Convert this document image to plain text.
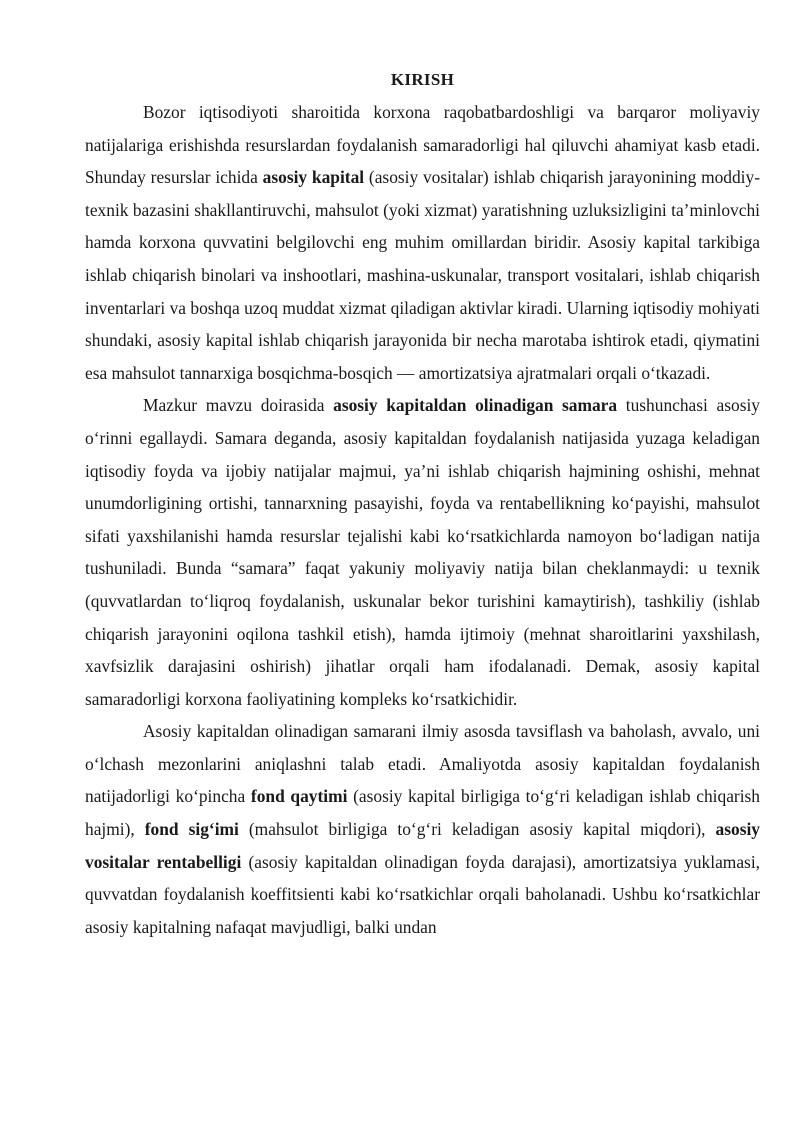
KIRISH

Bozor iqtisodiyoti sharoitida korxona raqobatbardoshligi va barqaror moliyaviy natijalariga erishishda resurslardan foydalanish samaradorligi hal qiluvchi ahamiyat kasb etadi. Shunday resurslar ichida asosiy kapital (asosiy vositalar) ishlab chiqarish jarayonining moddiy-texnik bazasini shakllantiruvchi, mahsulot (yoki xizmat) yaratishning uzluksizligini ta’minlovchi hamda korxona quvvatini belgilovchi eng muhim omillardan biridir. Asosiy kapital tarkibiga ishlab chiqarish binolari va inshootlari, mashina-uskunalar, transport vositalari, ishlab chiqarish inventarlari va boshqa uzoq muddat xizmat qiladigan aktivlar kiradi. Ularning iqtisodiy mohiyati shundaki, asosiy kapital ishlab chiqarish jarayonida bir necha marotaba ishtirok etadi, qiymatini esa mahsulot tannarxiga bosqichma-bosqich — amortizatsiya ajratmalari orqali o‘tkazadi.

Mazkur mavzu doirasida asosiy kapitaldan olinadigan samara tushunchasi asosiy o‘rinni egallaydi. Samara deganda, asosiy kapitaldan foydalanish natijasida yuzaga keladigan iqtisodiy foyda va ijobiy natijalar majmui, ya’ni ishlab chiqarish hajmining oshishi, mehnat unumdorligining ortishi, tannarxning pasayishi, foyda va rentabellikning ko‘payishi, mahsulot sifati yaxshilanishi hamda resurslar tejalishi kabi ko‘rsatkichlarda namoyon bo‘ladigan natija tushuniladi. Bunda “samara” faqat yakuniy moliyaviy natija bilan cheklanmaydi: u texnik (quvvatlardan to‘liqroq foydalanish, uskunalar bekor turishini kamaytirish), tashkiliy (ishlab chiqarish jarayonini oqilona tashkil etish), hamda ijtimoiy (mehnat sharoitlarini yaxshilash, xavfsizlik darajasini oshirish) jihatlar orqali ham ifodalanadi. Demak, asosiy kapital samaradorligi korxona faoliyatining kompleks ko‘rsatkichidir.

Asosiy kapitaldan olinadigan samarani ilmiy asosda tavsiflash va baholash, avvalo, uni o‘lchash mezonlarini aniqlashni talab etadi. Amaliyotda asosiy kapitaldan foydalanish natijadorligi ko‘pincha fond qaytimi (asosiy kapital birligiga to‘g‘ri keladigan ishlab chiqarish hajmi), fond sig‘imi (mahsulot birligiga to‘g‘ri keladigan asosiy kapital miqdori), asosiy vositalar rentabelligi (asosiy kapitaldan olinadigan foyda darajasi), amortizatsiya yuklamasi, quvvatdan foydalanish koeffitsienti kabi ko‘rsatkichlar orqali baholanadi. Ushbu ko‘rsatkichlar asosiy kapitalning nafaqat mavjudligi, balki undan
